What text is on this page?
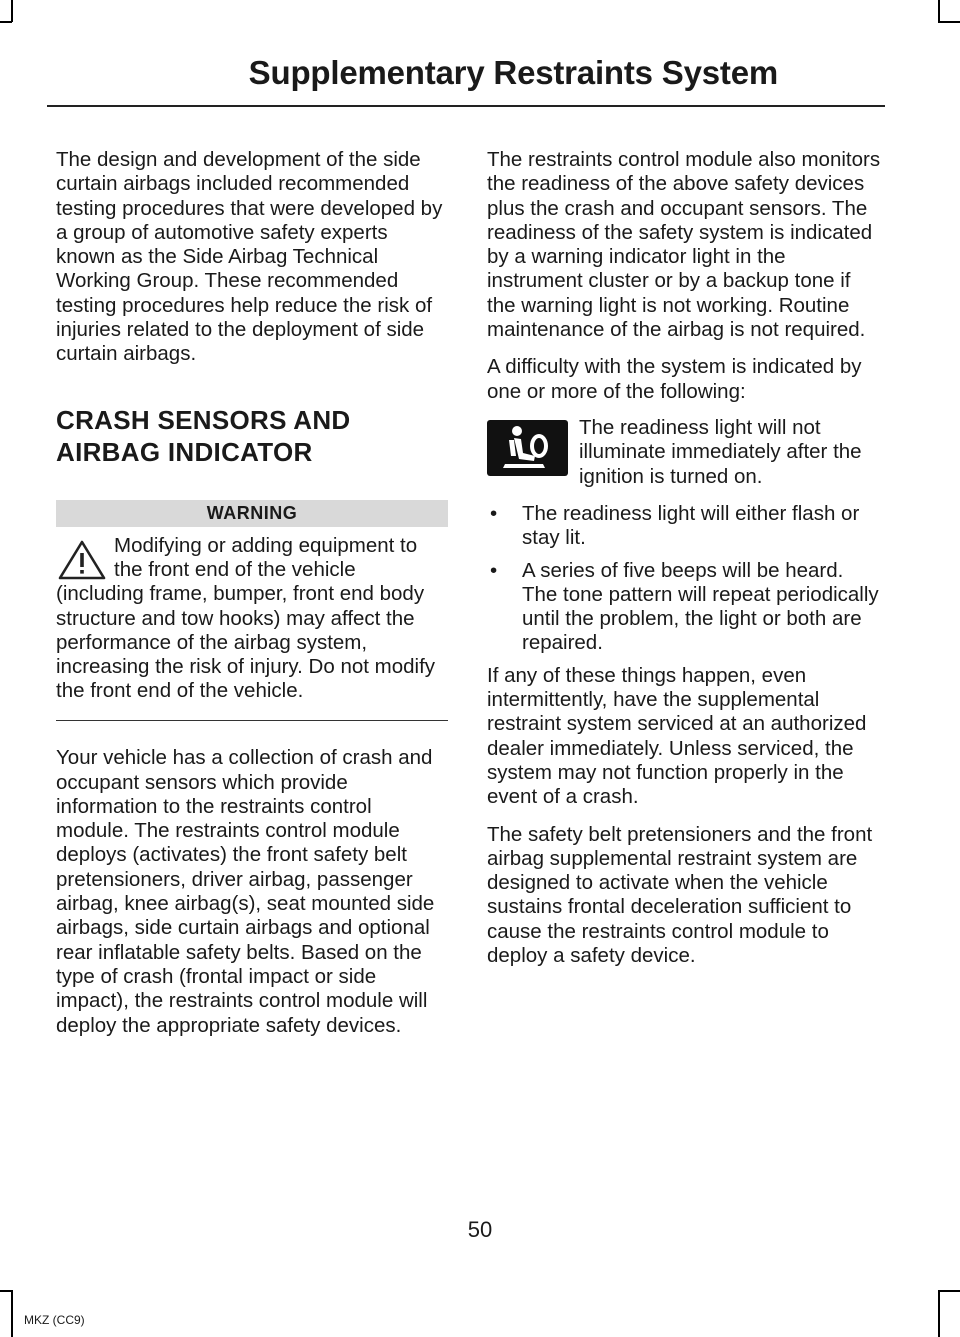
Supplementary Restraints System

The design and development of the side curtain airbags included recommended testing procedures that were developed by a group of automotive safety experts known as the Side Airbag Technical Working Group. These recommended testing procedures help reduce the risk of injuries related to the deployment of side curtain airbags.

CRASH SENSORS AND
AIRBAG INDICATOR
WARNING

Modifying or adding equipment to the front end of the vehicle (including frame, bumper, front end body structure and tow hooks) may affect the performance of the airbag system, increasing the risk of injury. Do not modify the front end of the vehicle.

Your vehicle has a collection of crash and occupant sensors which provide information to the restraints control module. The restraints control module deploys (activates) the front safety belt pretensioners, driver airbag, passenger airbag, knee airbag(s), seat mounted side airbags, side curtain airbags and optional rear inflatable safety belts. Based on the type of crash (frontal impact or side impact), the restraints control module will deploy the appropriate safety devices.

The restraints control module also monitors the readiness of the above safety devices plus the crash and occupant sensors. The readiness of the safety system is indicated by a warning indicator light in the instrument cluster or by a backup tone if the warning light is not working. Routine maintenance of the airbag is not required.

A difficulty with the system is indicated by one or more of the following:

The readiness light will not illuminate immediately after the ignition is turned on.

• The readiness light will either flash or stay lit.
• A series of five beeps will be heard. The tone pattern will repeat periodically until the problem, the light or both are repaired.

If any of these things happen, even intermittently, have the supplemental restraint system serviced at an authorized dealer immediately. Unless serviced, the system may not function properly in the event of a crash.

The safety belt pretensioners and the front airbag supplemental restraint system are designed to activate when the vehicle sustains frontal deceleration sufficient to cause the restraints control module to deploy a safety device.

50
MKZ (CC9)
